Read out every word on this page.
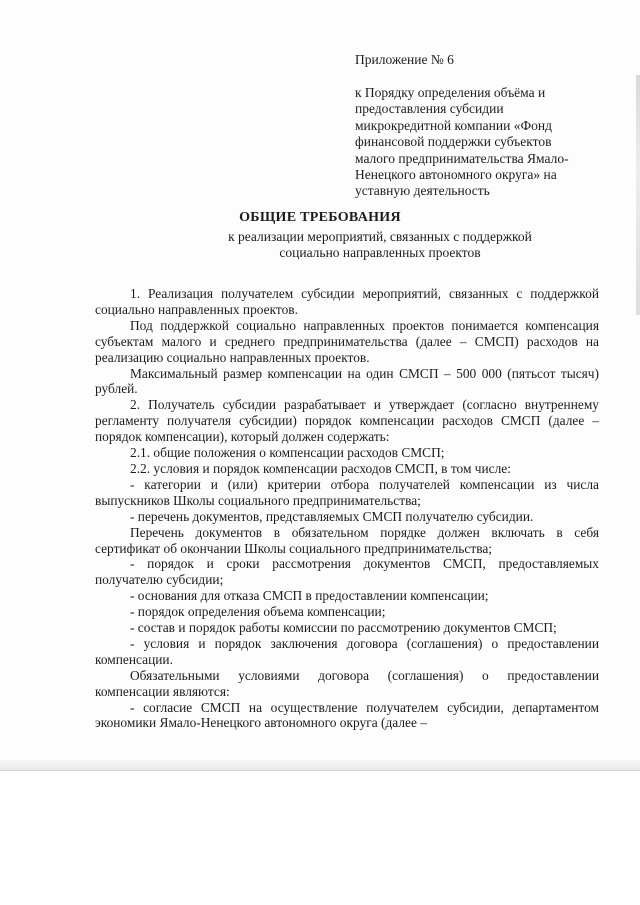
Приложение № 6

к Порядку определения объёма и
предоставления субсидии
микрокредитной компании «Фонд
финансовой поддержки субъектов
малого предпринимательства Ямало-
Ненецкого автономного округа» на
уставную деятельность

ОБЩИЕ ТРЕБОВАНИЯ

к реализации мероприятий, связанных с поддержкой

социально направленных проектов

1. Реализация получателем субсидии мероприятий, связанных с поддержкой социально направленных проектов.

Под поддержкой социально направленных проектов понимается компенсация субъектам малого и среднего предпринимательства (далее – СМСП) расходов на реализацию социально направленных проектов.

Максимальный размер компенсации на один СМСП – 500 000 (пятьсот тысяч) рублей.

2. Получатель субсидии разрабатывает и утверждает (согласно внутреннему регламенту получателя субсидии) порядок компенсации расходов СМСП (далее – порядок компенсации), который должен содержать:

2.1. общие положения о компенсации расходов СМСП;

2.2. условия и порядок компенсации расходов СМСП, в том числе:

- категории и (или) критерии отбора получателей компенсации из числа выпускников Школы социального предпринимательства;

- перечень документов, представляемых СМСП получателю субсидии.

Перечень документов в обязательном порядке должен включать в себя сертификат об окончании Школы социального предпринимательства;

- порядок и сроки рассмотрения документов СМСП, предоставляемых получателю субсидии;

- основания для отказа СМСП в предоставлении компенсации;

- порядок определения объема компенсации;

- состав и порядок работы комиссии по рассмотрению документов СМСП;

- условия и порядок заключения договора (соглашения) о предоставлении компенсации.

Обязательными условиями договора (соглашения) о предоставлении компенсации являются:

- согласие СМСП на осуществление получателем субсидии, департаментом экономики Ямало-Ненецкого автономного округа (далее –
